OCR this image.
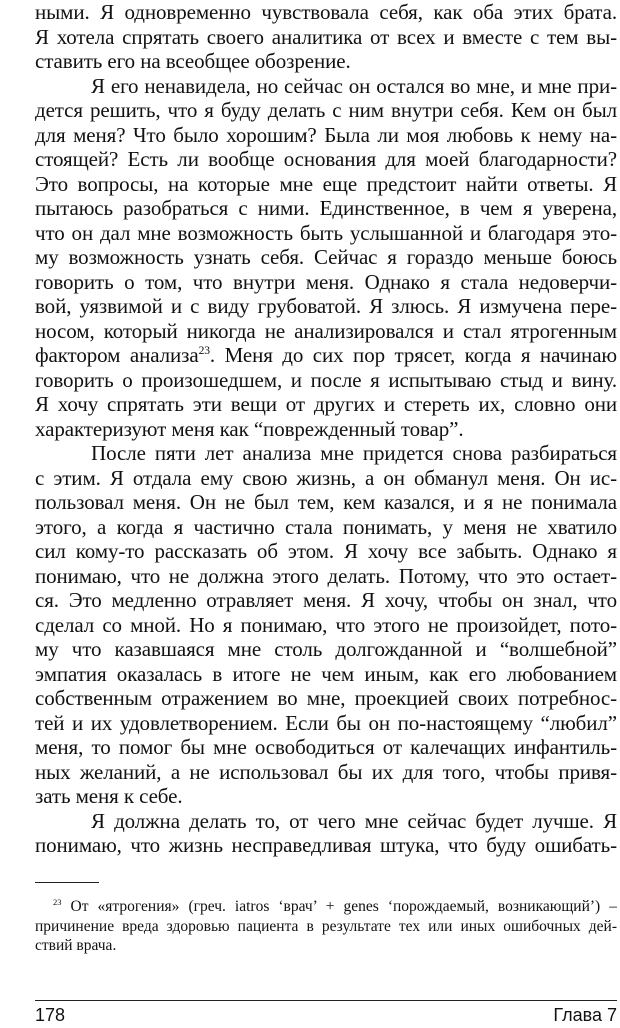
ными. Я одновременно чувствовала себя, как оба этих брата.
Я хотела спрятать своего аналитика от всех и вместе с тем вы-
ставить его на всеобщее обозрение.
Я его ненавидела, но сейчас он остался во мне, и мне при-
дется решить, что я буду делать с ним внутри себя. Кем он был
для меня? Что было хорошим? Была ли моя любовь к нему на-
стоящей? Есть ли вообще основания для моей благодарности?
Это вопросы, на которые мне еще предстоит найти ответы. Я
пытаюсь разобраться с ними. Единственное, в чем я уверена,
что он дал мне возможность быть услышанной и благодаря это-
му возможность узнать себя. Сейчас я гораздо меньше боюсь
говорить о том, что внутри меня. Однако я стала недоверчи-
вой, уязвимой и с виду грубоватой. Я злюсь. Я измучена пере-
носом, который никогда не анализировался и стал ятрогенным
фактором анализа$^{23}$. Меня до сих пор трясет, когда я начинаю
говорить о произошедшем, и после я испытываю стыд и вину.
Я хочу спрятать эти вещи от других и стереть их, словно они
характеризуют меня как “поврежденный товар”.
После пяти лет анализа мне придется снова разбираться
с этим. Я отдала ему свою жизнь, а он обманул меня. Он ис-
пользовал меня. Он не был тем, кем казался, и я не понимала
этого, а когда я частично стала понимать, у меня не хватило
сил кому-то рассказать об этом. Я хочу все забыть. Однако я
понимаю, что не должна этого делать. Потому, что это остает-
ся. Это медленно отравляет меня. Я хочу, чтобы он знал, что
сделал со мной. Но я понимаю, что этого не произойдет, пото-
му что казавшаяся мне столь долгожданной и “волшебной”
эмпатия оказалась в итоге не чем иным, как его любованием
собственным отражением во мне, проекцией своих потребнос-
тей и их удовлетворением. Если бы он по-настоящему “любил”
меня, то помог бы мне освободиться от калечащих инфантиль-
ных желаний, а не использовал бы их для того, чтобы привя-
зать меня к себе.
Я должна делать то, от чего мне сейчас будет лучше. Я
понимаю, что жизнь несправедливая штука, что буду ошибать-
$^{23}$ От «ятрогения» (греч. iatros ‘врач’ + genes ‘порождаемый, возникающий’) –
причинение вреда здоровью пациента в результате тех или иных ошибочных дей-
ствий врача.
178	Глава 7
